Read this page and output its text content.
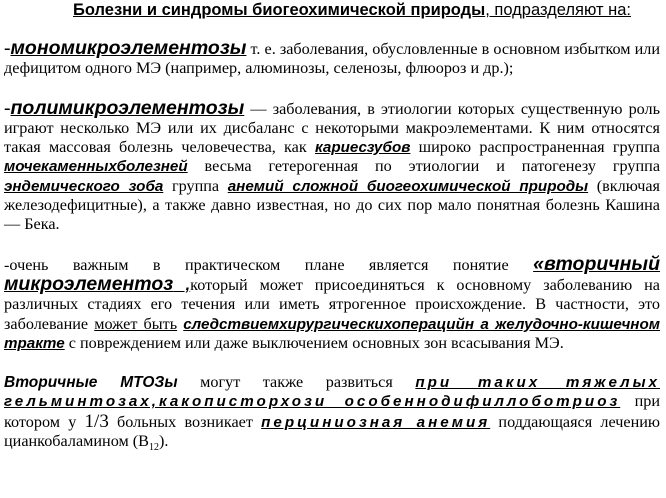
Болезни и синдромы биогеохимической природы, подразделяют на:

-мономикроэлементозы т. е. заболевания, обусловленные в основном избытком или дефицитом одного МЭ (например, алюминозы, селенозы, флюороз и др.);

-полимикроэлементозы — заболевания, в этиологии которых существенную роль играют несколько МЭ или их дисбаланс с некоторыми макроэлементами. К ним относятся такая массовая болезнь человечества, как кариесзубов широко распространенная группа мочекаменныхболезней весьма гетерогенная по этиологии и патогенезу группа эндемического зоба группа анемий сложной биогеохимической природы (включая железодефицитные), а также давно известная, но до сих пор мало понятная болезнь Кашина — Бека.

-очень важным в практическом плане является понятие «вторичный микроэлементоз ,который может присоединяться к основному заболеванию на различных стадиях его течения или иметь ятрогенное происхождение. В частности, это заболевание может быть следствиемхирургическихоперацийн а желудочно-кишечном тракте с повреждением или даже выключением основных зон всасывания МЭ.

Вторичные МТОЗы могут также развиться при таких тяжелых гельминтозах,какописторхози особеннодифиллоботриоз при котором у 1/3 больных возникает перциниозная анемия поддающаяся лечению цианкобаламином $(В_{12})$.
